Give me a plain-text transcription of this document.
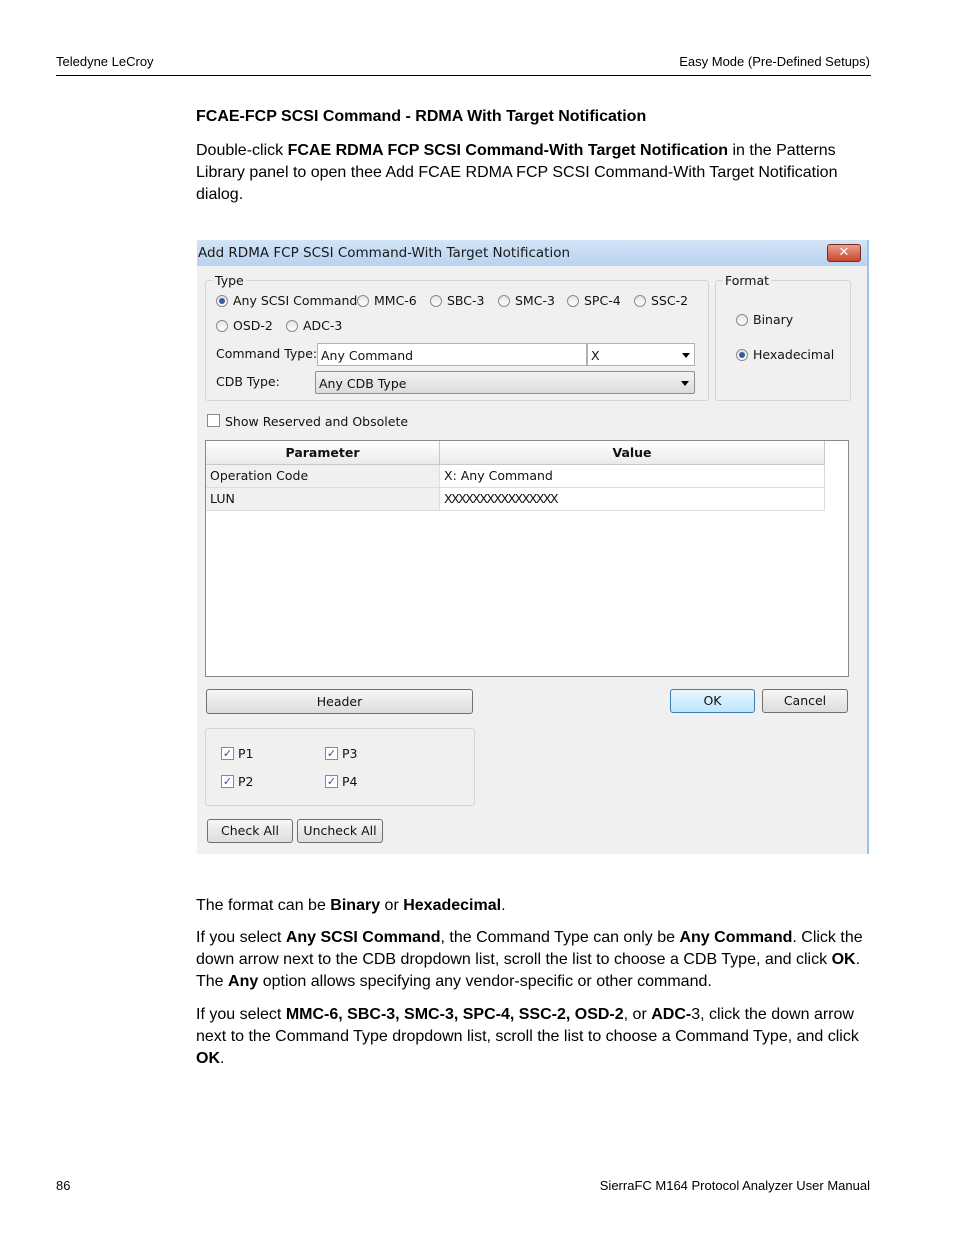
Teledyne LeCroy	Easy Mode (Pre-Defined Setups)
FCAE-FCP SCSI Command - RDMA With Target Notification
Double-click FCAE RDMA FCP SCSI Command-With Target Notification in the Patterns Library panel to open thee Add FCAE RDMA FCP SCSI Command-With Target Notification dialog.
Add RDMA FCP SCSI Command-With Target Notification	✕
Type
Any SCSI Command MMC-6 SBC-3 SMC-3 SPC-4 SSC-2
OSD-2 ADC-3
Command Type: Any Command	X
CDB Type:	Any CDB Type
Format
Binary
Hexadecimal
Show Reserved and Obsolete
Parameter	Value
Operation Code	X: Any Command
LUN	XXXXXXXXXXXXXXXX
Header	OK	Cancel
✓ P1	✓ P3
✓ P2	✓ P4
Check All	Uncheck All
The format can be Binary or Hexadecimal.
If you select Any SCSI Command, the Command Type can only be Any Command. Click the down arrow next to the CDB dropdown list, scroll the list to choose a CDB Type, and click OK. The Any option allows specifying any vendor-specific or other command.
If you select MMC-6, SBC-3, SMC-3, SPC-4, SSC-2, OSD-2, or ADC-3, click the down arrow next to the Command Type dropdown list, scroll the list to choose a Command Type, and click OK.
86	SierraFC M164 Protocol Analyzer User Manual
